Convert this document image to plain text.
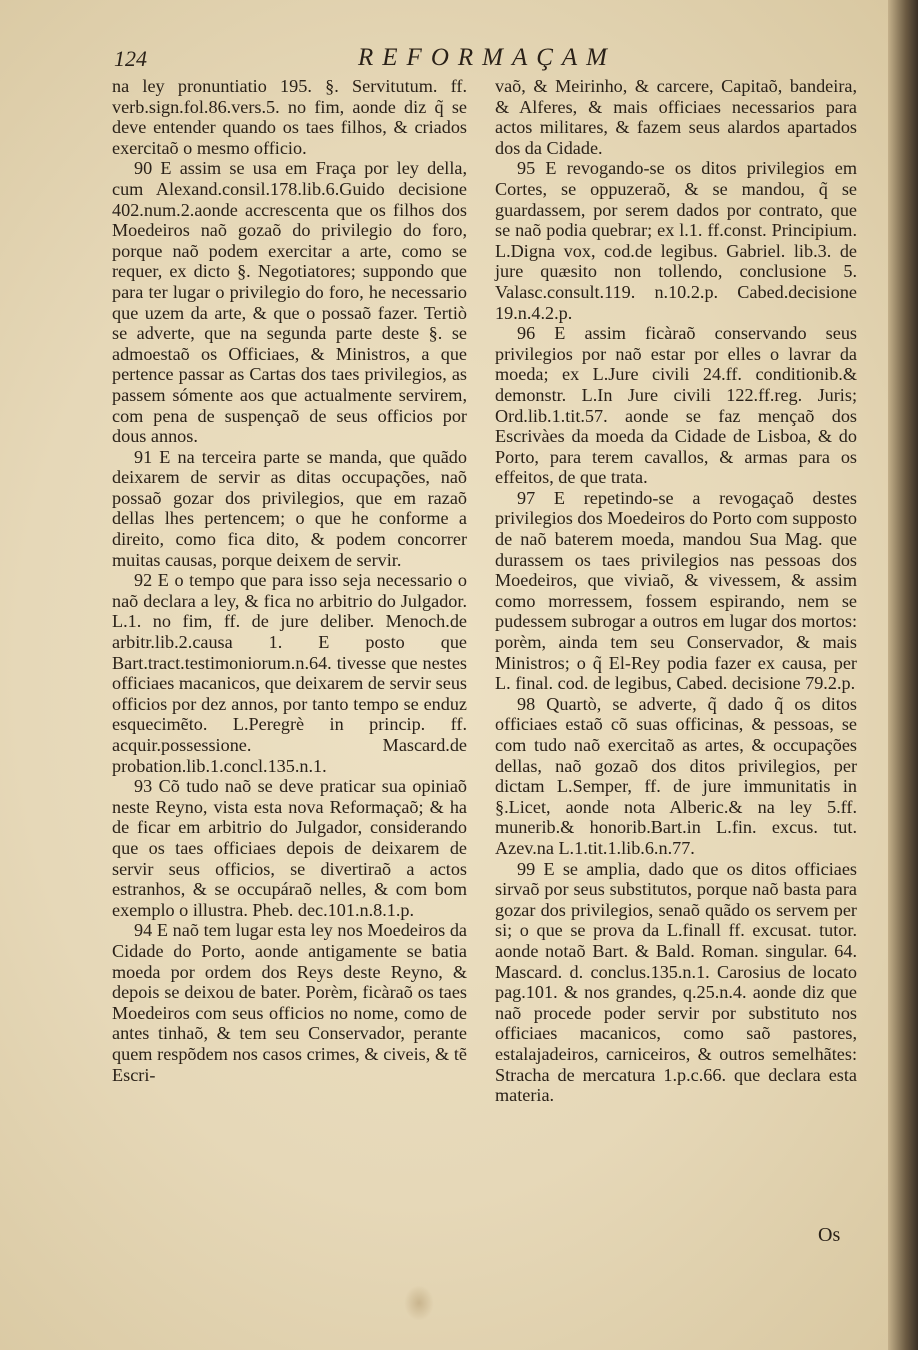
124	REFORMAÇAM

na ley pronuntiatio 195. §. Servitutum. ff. verb.sign.fol.86.vers.5. no fim, aonde diz q̃ se deve entender quando os taes filhos, & criados exercitaõ o mesmo officio.

90 E assim se usa em Fraça por ley della, cum Alexand.consil.178.lib.6.Guido decisione 402.num.2.aonde accrescenta que os filhos dos Moedeiros naõ gozaõ do privilegio do foro, porque naõ podem exercitar a arte, como se requer, ex dicto §. Negotiatores; suppondo que para ter lugar o privilegio do foro, he necessario que uzem da arte, & que o possaõ fazer. Tertiò se adverte, que na segunda parte deste §. se admoestaõ os Officiaes, & Ministros, a que pertence passar as Cartas dos taes privilegios, as passem sómente aos que actualmente servirem, com pena de suspençaõ de seus officios por dous annos.

91 E na terceira parte se manda, que quãdo deixarem de servir as ditas occupações, naõ possaõ gozar dos privilegios, que em razaõ dellas lhes pertencem; o que he conforme a direito, como fica dito, & podem concorrer muitas causas, porque deixem de servir.

92 E o tempo que para isso seja necessario o naõ declara a ley, & fica no arbitrio do Julgador. L.1. no fim, ff. de jure deliber. Menoch.de arbitr.lib.2.causa 1. E posto que Bart.tract.testimoniorum.n.64. tivesse que nestes officiaes macanicos, que deixarem de servir seus officios por dez annos, por tanto tempo se enduz esquecimẽto. L.Peregrè in princip. ff. acquir.possessione. Mascard.de probation.lib.1.concl.135.n.1.

93 Cõ tudo naõ se deve praticar sua opiniaõ neste Reyno, vista esta nova Reformaçaõ; & ha de ficar em arbitrio do Julgador, considerando que os taes officiaes depois de deixarem de servir seus officios, se divertiraõ a actos estranhos, & se occupáraõ nelles, & com bom exemplo o illustra. Pheb. dec.101.n.8.1.p.

94 E naõ tem lugar esta ley nos Moedeiros da Cidade do Porto, aonde antigamente se batia moeda por ordem dos Reys deste Reyno, & depois se deixou de bater. Porèm, ficàraõ os taes Moedeiros com seus officios no nome, como de antes tinhaõ, & tem seu Conservador, perante quem respõdem nos casos crimes, & civeis, & tẽ Escri-

vaõ, & Meirinho, & carcere, Capitaõ, bandeira, & Alferes, & mais officiaes necessarios para actos militares, & fazem seus alardos apartados dos da Cidade.

95 E revogando-se os ditos privilegios em Cortes, se oppuzeraõ, & se mandou, q̃ se guardassem, por serem dados por contrato, que se naõ podia quebrar; ex l.1. ff.const. Principium. L.Digna vox, cod.de legibus. Gabriel. lib.3. de jure quæsito non tollendo, conclusione 5. Valasc.consult.119. n.10.2.p. Cabed.decisione 19.n.4.2.p.

96 E assim ficàraõ conservando seus privilegios por naõ estar por elles o lavrar da moeda; ex L.Jure civili 24.ff. conditionib.& demonstr. L.In Jure civili 122.ff.reg. Juris; Ord.lib.1.tit.57. aonde se faz mençaõ dos Escrivàes da moeda da Cidade de Lisboa, & do Porto, para terem cavallos, & armas para os effeitos, de que trata.

97 E repetindo-se a revogaçaõ destes privilegios dos Moedeiros do Porto com supposto de naõ baterem moeda, mandou Sua Mag. que durassem os taes privilegios nas pessoas dos Moedeiros, que viviaõ, & vivessem, & assim como morressem, fossem espirando, nem se pudessem subrogar a outros em lugar dos mortos: porèm, ainda tem seu Conservador, & mais Ministros; o q̃ El-Rey podia fazer ex causa, per L. final. cod. de legibus, Cabed. decisione 79.2.p.

98 Quartò, se adverte, q̃ dado q̃ os ditos officiaes estaõ cõ suas officinas, & pessoas, se com tudo naõ exercitaõ as artes, & occupações dellas, naõ gozaõ dos ditos privilegios, per dictam L.Semper, ff. de jure immunitatis in §.Licet, aonde nota Alberic.& na ley 5.ff. munerib.& honorib.Bart.in L.fin. excus. tut. Azev.na L.1.tit.1.lib.6.n.77.

99 E se amplia, dado que os ditos officiaes sirvaõ por seus substitutos, porque naõ basta para gozar dos privilegios, senaõ quãdo os servem per si; o que se prova da L.finall ff. excusat. tutor. aonde notaõ Bart. & Bald. Roman. singular. 64. Mascard. d. conclus.135.n.1. Carosius de locato pag.101. & nos grandes, q.25.n.4. aonde diz que naõ procede poder servir por substituto nos officiaes macanicos, como saõ pastores, estalajadeiros, carniceiros, & outros semelhãtes: Stracha de mercatura 1.p.c.66. que declara esta materia.

Os
